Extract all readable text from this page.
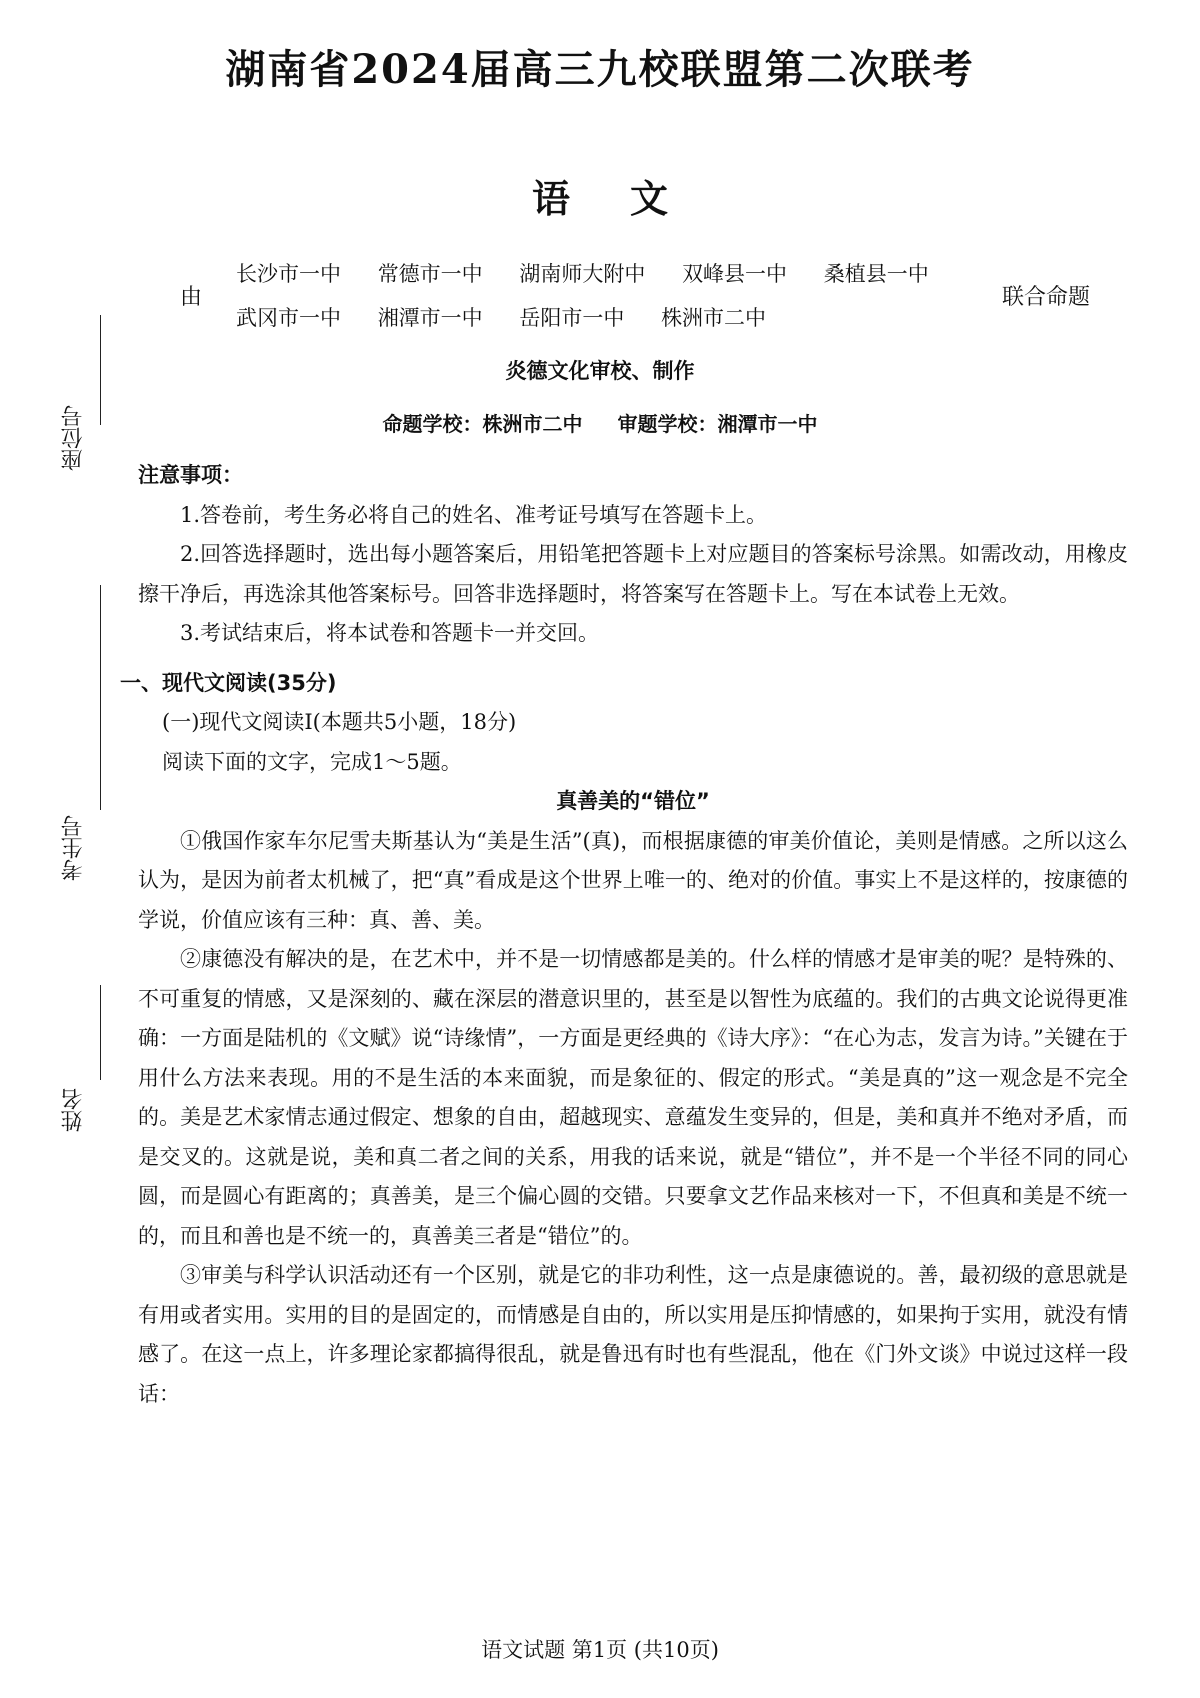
湖南省2024届高三九校联盟第二次联考
语文
由
长沙市一中 常德市一中 湖南师大附中 双峰县一中 桑植县一中
武冈市一中 湘潭市一中 岳阳市一中 株洲市二中
联合命题
炎德文化审校、制作
命题学校：株洲市二中 审题学校：湘潭市一中
座位号
考生号
姓名
注意事项：
1.答卷前，考生务必将自己的姓名、准考证号填写在答题卡上。
2.回答选择题时，选出每小题答案后，用铅笔把答题卡上对应题目的答案标号涂黑。如需改动，用橡皮擦干净后，再选涂其他答案标号。回答非选择题时，将答案写在答题卡上。写在本试卷上无效。
3.考试结束后，将本试卷和答题卡一并交回。
一、现代文阅读(35分)
(一)现代文阅读Ⅰ(本题共5小题，18分)
阅读下面的文字，完成1～5题。
真善美的“错位”
①俄国作家车尔尼雪夫斯基认为“美是生活”(真)，而根据康德的审美价值论，美则是情感。之所以这么认为，是因为前者太机械了，把“真”看成是这个世界上唯一的、绝对的价值。事实上不是这样的，按康德的学说，价值应该有三种：真、善、美。
②康德没有解决的是，在艺术中，并不是一切情感都是美的。什么样的情感才是审美的呢？是特殊的、不可重复的情感，又是深刻的、藏在深层的潜意识里的，甚至是以智性为底蕴的。我们的古典文论说得更准确：一方面是陆机的《文赋》说“诗缘情”，一方面是更经典的《诗大序》：“在心为志，发言为诗。”关键在于用什么方法来表现。用的不是生活的本来面貌，而是象征的、假定的形式。“美是真的”这一观念是不完全的。美是艺术家情志通过假定、想象的自由，超越现实、意蕴发生变异的，但是，美和真并不绝对矛盾，而是交叉的。这就是说，美和真二者之间的关系，用我的话来说，就是“错位”，并不是一个半径不同的同心圆，而是圆心有距离的；真善美，是三个偏心圆的交错。只要拿文艺作品来核对一下，不但真和美是不统一的，而且和善也是不统一的，真善美三者是“错位”的。
③审美与科学认识活动还有一个区别，就是它的非功利性，这一点是康德说的。善，最初级的意思就是有用或者实用。实用的目的是固定的，而情感是自由的，所以实用是压抑情感的，如果拘于实用，就没有情感了。在这一点上，许多理论家都搞得很乱，就是鲁迅有时也有些混乱，他在《门外文谈》中说过这样一段话：
语文试题 第1页 (共10页)
